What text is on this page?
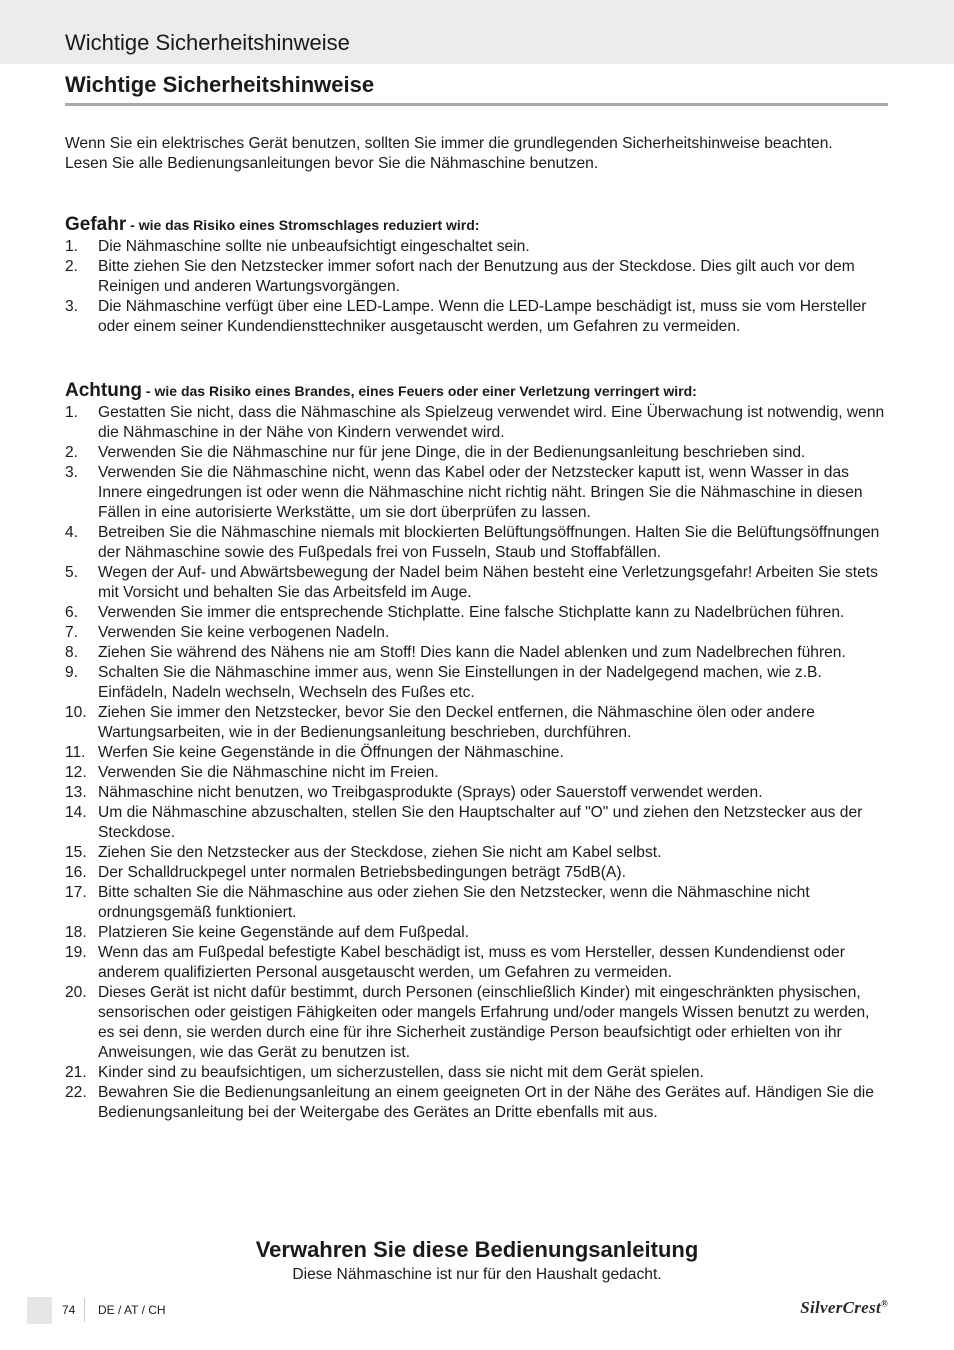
Wichtige Sicherheitshinweise
Wichtige Sicherheitshinweise

Wenn Sie ein elektrisches Gerät benutzen, sollten Sie immer die grundlegenden Sicherheitshinweise beachten.

Lesen Sie alle Bedienungsanleitungen bevor Sie die Nähmaschine benutzen.

Gefahr - wie das Risiko eines Stromschlages reduziert wird:
1.	Die Nähmaschine sollte nie unbeaufsichtigt eingeschaltet sein.
2.	Bitte ziehen Sie den Netzstecker immer sofort nach der Benutzung aus der Steckdose. Dies gilt auch vor dem Reinigen und anderen Wartungsvorgängen.
3.	Die Nähmaschine verfügt über eine LED-Lampe. Wenn die LED-Lampe beschädigt ist, muss sie vom Hersteller oder einem seiner Kundendiensttechniker ausgetauscht werden, um Gefahren zu vermeiden.
Achtung - wie das Risiko eines Brandes, eines Feuers oder einer Verletzung verringert wird:
1.	Gestatten Sie nicht, dass die Nähmaschine als Spielzeug verwendet wird. Eine Überwachung ist notwendig, wenn die Nähmaschine in der Nähe von Kindern verwendet wird.
2.	Verwenden Sie die Nähmaschine nur für jene Dinge, die in der Bedienungsanleitung beschrieben sind.
3.	Verwenden Sie die Nähmaschine nicht, wenn das Kabel oder der Netzstecker kaputt ist, wenn Wasser in das Innere eingedrungen ist oder wenn die Nähmaschine nicht richtig näht. Bringen Sie die Nähmaschine in diesen Fällen in eine autorisierte Werkstätte, um sie dort überprüfen zu lassen.
4.	Betreiben Sie die Nähmaschine niemals mit blockierten Belüftungsöffnungen. Halten Sie die Belüftungsöffnungen der Nähmaschine sowie des Fußpedals frei von Fusseln, Staub und Stoffabfällen.
5.	Wegen der Auf- und Abwärtsbewegung der Nadel beim Nähen besteht eine Verletzungsgefahr! Arbeiten Sie stets mit Vorsicht und behalten Sie das Arbeitsfeld im Auge.
6.	Verwenden Sie immer die entsprechende Stichplatte. Eine falsche Stichplatte kann zu Nadelbrüchen führen.
7.	Verwenden Sie keine verbogenen Nadeln.
8.	Ziehen Sie während des Nähens nie am Stoff! Dies kann die Nadel ablenken und zum Nadelbrechen führen.
9.	Schalten Sie die Nähmaschine immer aus, wenn Sie Einstellungen in der Nadelgegend machen, wie z.B. Einfädeln, Nadeln wechseln, Wechseln des Fußes etc.
10. Ziehen Sie immer den Netzstecker, bevor Sie den Deckel entfernen, die Nähmaschine ölen oder andere Wartungsarbeiten, wie in der Bedienungsanleitung beschrieben, durchführen.
11. Werfen Sie keine Gegenstände in die Öffnungen der Nähmaschine.
12. Verwenden Sie die Nähmaschine nicht im Freien.
13. Nähmaschine nicht benutzen, wo Treibgasprodukte (Sprays) oder Sauerstoff verwendet werden.
14. Um die Nähmaschine abzuschalten, stellen Sie den Hauptschalter auf "O" und ziehen den Netzstecker aus der Steckdose.
15. Ziehen Sie den Netzstecker aus der Steckdose, ziehen Sie nicht am Kabel selbst.
16. Der Schalldruckpegel unter normalen Betriebsbedingungen beträgt 75dB(A).
17. Bitte schalten Sie die Nähmaschine aus oder ziehen Sie den Netzstecker, wenn die Nähmaschine nicht ordnungsgemäß funktioniert.
18. Platzieren Sie keine Gegenstände auf dem Fußpedal.
19. Wenn das am Fußpedal befestigte Kabel beschädigt ist, muss es vom Hersteller, dessen Kundendienst oder anderem qualifizierten Personal ausgetauscht werden, um Gefahren zu vermeiden.
20. Dieses Gerät ist nicht dafür bestimmt, durch Personen (einschließlich Kinder) mit eingeschränkten physischen, sensorischen oder geistigen Fähigkeiten oder mangels Erfahrung und/oder mangels Wissen benutzt zu werden, es sei denn, sie werden durch eine für ihre Sicherheit zuständige Person beaufsichtigt oder erhielten von ihr Anweisungen, wie das Gerät zu benutzen ist.
21. Kinder sind zu beaufsichtigen, um sicherzustellen, dass sie nicht mit dem Gerät spielen.
22. Bewahren Sie die Bedienungsanleitung an einem geeigneten Ort in der Nähe des Gerätes auf. Händigen Sie die Bedienungsanleitung bei der Weitergabe des Gerätes an Dritte ebenfalls mit aus.
Verwahren Sie diese Bedienungsanleitung
Diese Nähmaschine ist nur für den Haushalt gedacht.
74 DE / AT / CH	SilverCrest®
